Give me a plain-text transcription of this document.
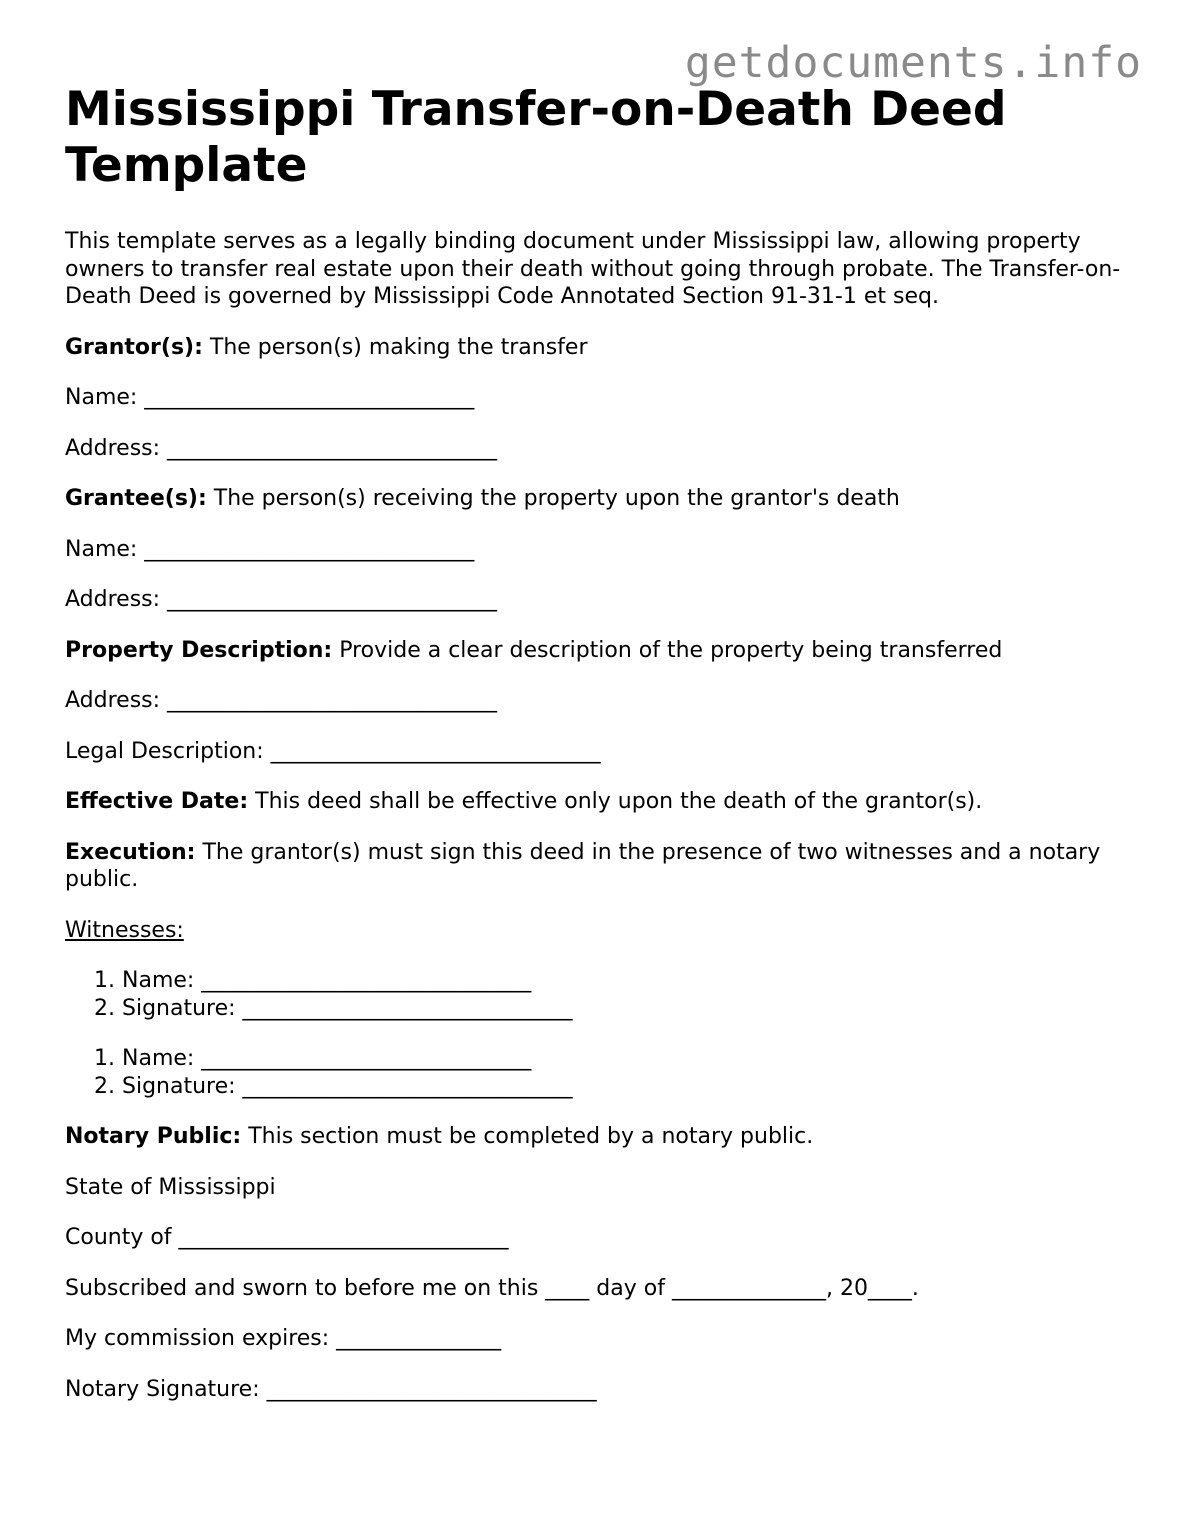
getdocuments.info
Mississippi Transfer-on-Death Deed Template

This template serves as a legally binding document under Mississippi law, allowing property owners to transfer real estate upon their death without going through probate. The Transfer-on-Death Deed is governed by Mississippi Code Annotated Section 91-31-1 et seq.

Grantor(s): The person(s) making the transfer

Name: ______________________________

Address: ______________________________

Grantee(s): The person(s) receiving the property upon the grantor's death

Name: ______________________________

Address: ______________________________

Property Description: Provide a clear description of the property being transferred

Address: ______________________________

Legal Description: ______________________________

Effective Date: This deed shall be effective only upon the death of the grantor(s).

Execution: The grantor(s) must sign this deed in the presence of two witnesses and a notary public.

Witnesses:

1. Name: ______________________________
2. Signature: ______________________________
1. Name: ______________________________
2. Signature: ______________________________

Notary Public: This section must be completed by a notary public.

State of Mississippi

County of ______________________________

Subscribed and sworn to before me on this ____ day of ______________, 20____.

My commission expires: _______________

Notary Signature: ______________________________
